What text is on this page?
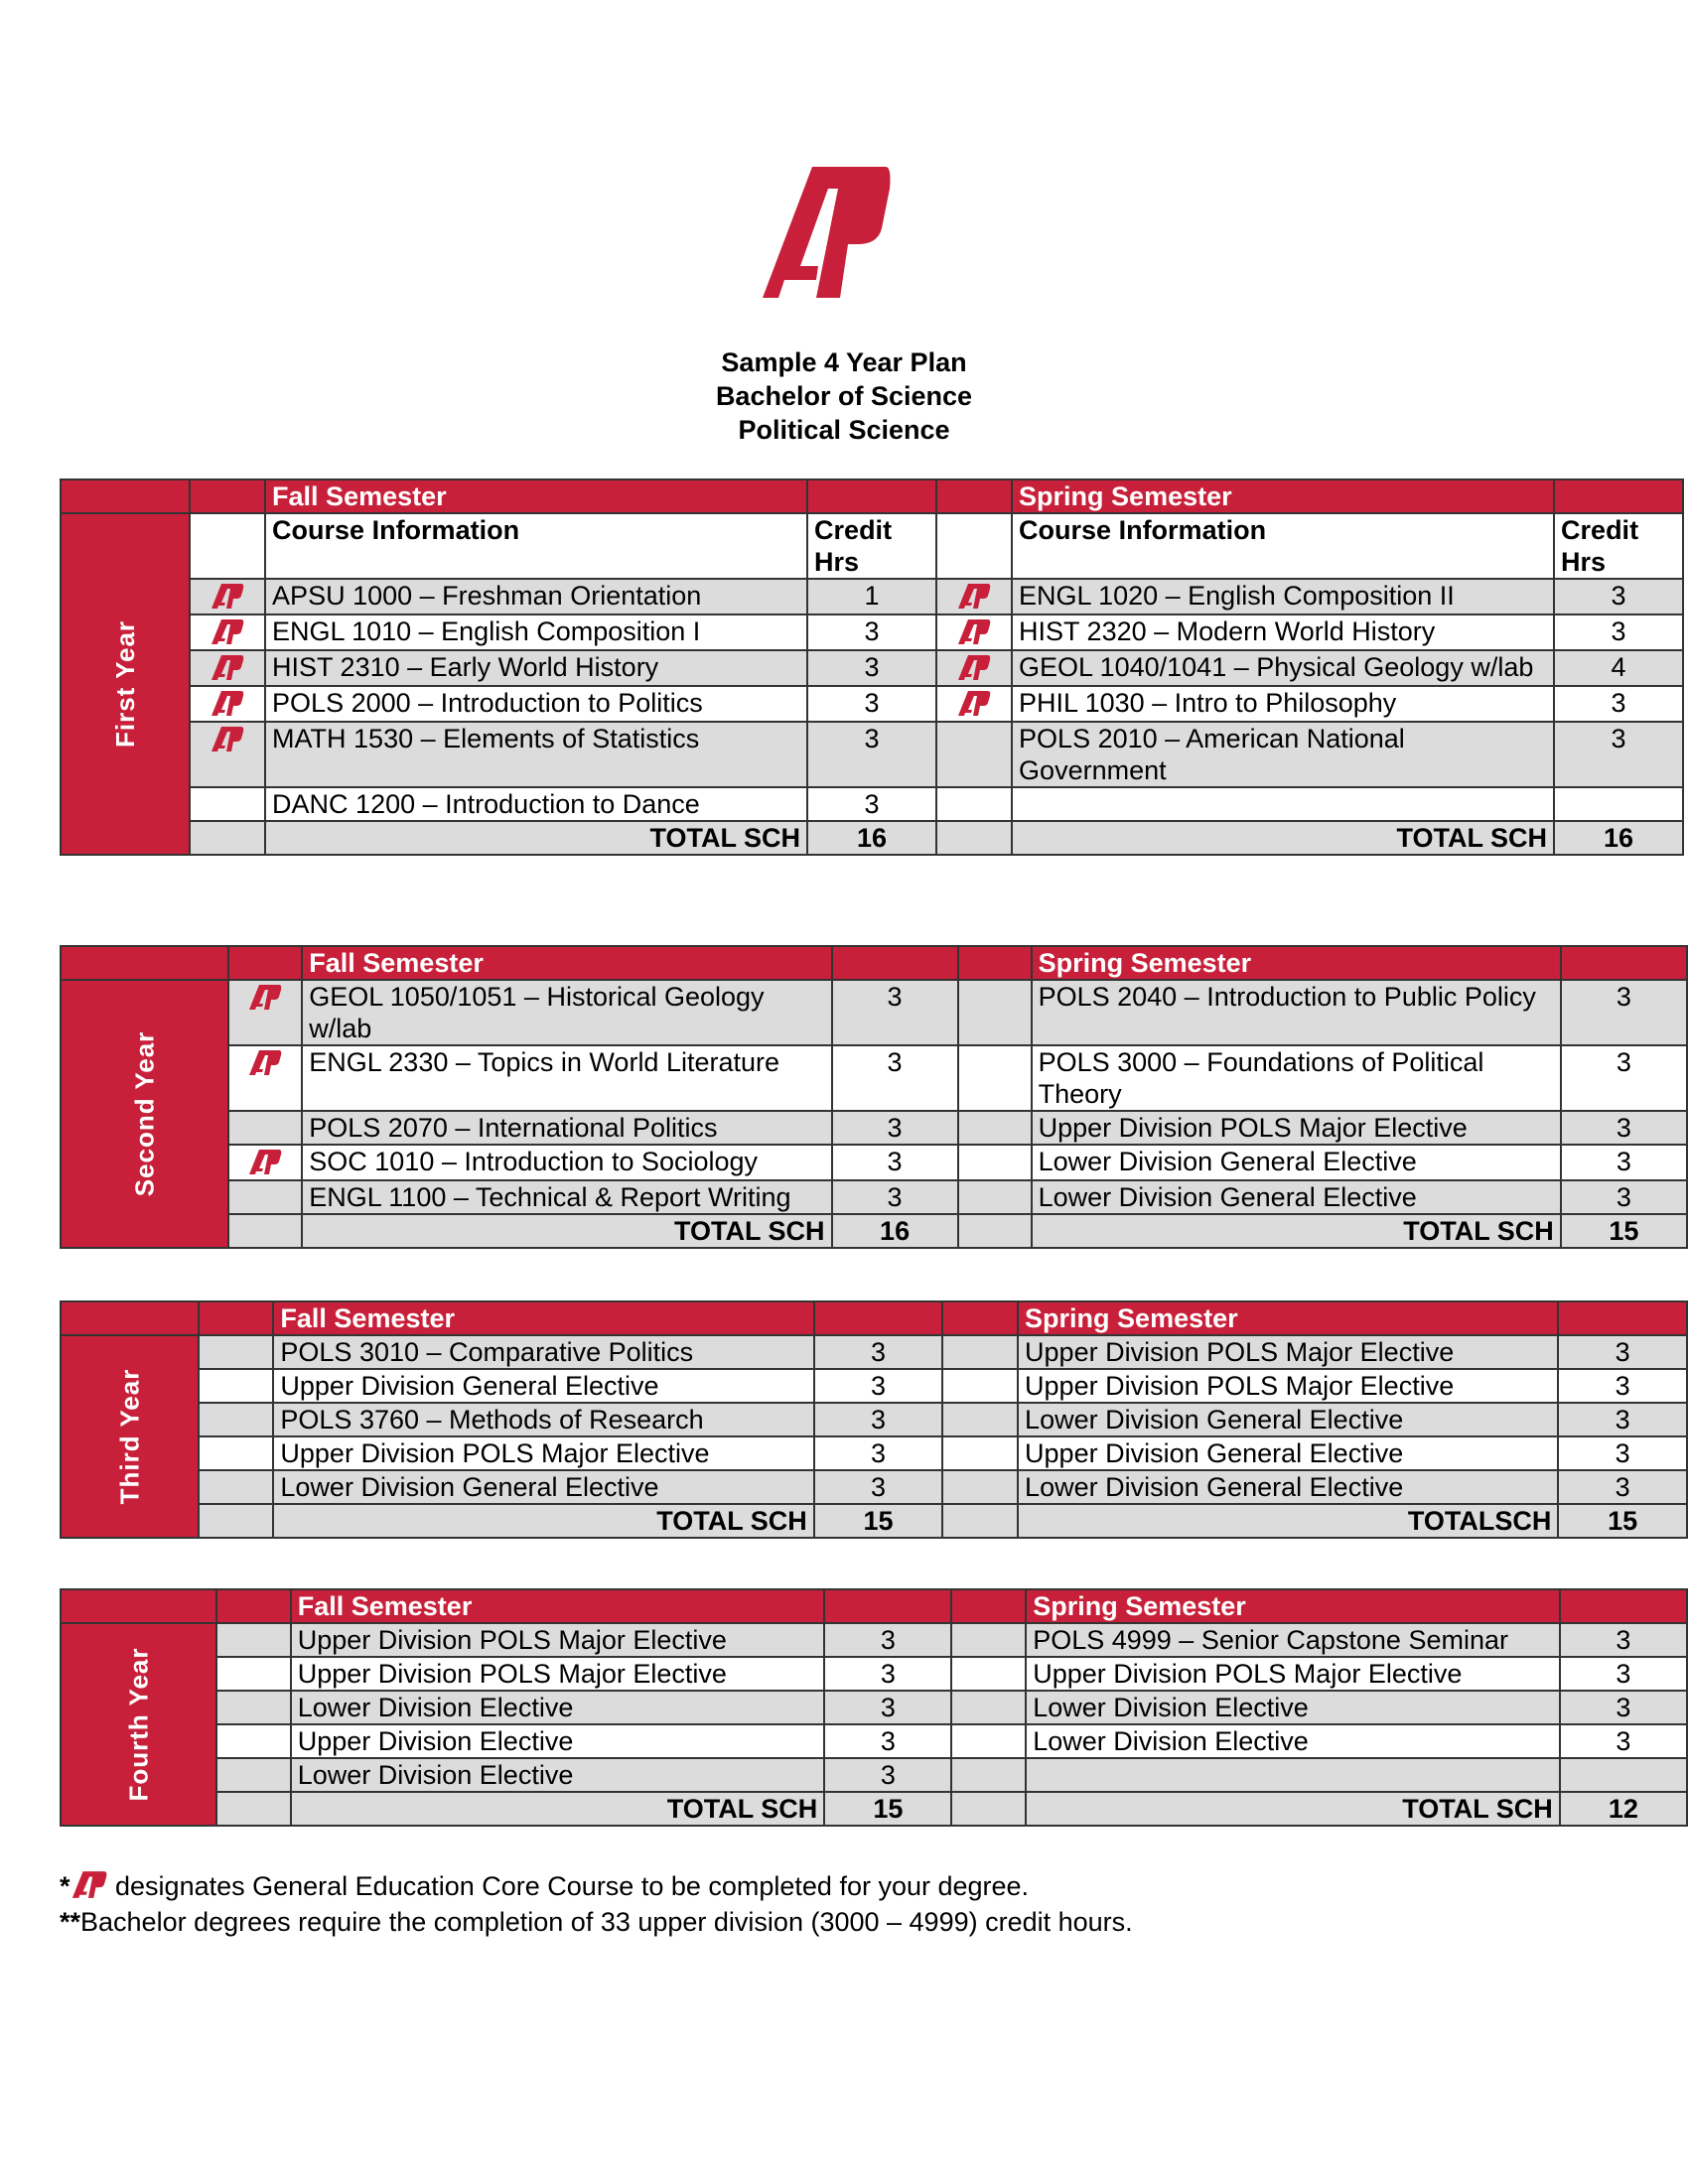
Sample 4 Year Plan
Bachelor of Science
Political Science
		Fall Semester			Spring Semester	
First Year		Course Information	Credit Hrs		Course Information	Credit Hrs

	APSU 1000 – Freshman Orientation	1		ENGL 1020 – English Composition II	3

	ENGL 1010 – English Composition I	3		HIST 2320 – Modern World History	3

	HIST 2310 – Early World History	3		GEOL 1040/1041 – Physical Geology w/lab	4

	POLS 2000 – Introduction to Politics	3		PHIL 1030 – Intro to Philosophy	3

	MATH 1530 – Elements of Statistics	3		POLS 2010 – American National Government	3
		DANC 1200 – Introduction to Dance	3			
		TOTAL SCH	16		TOTAL SCH	16
		Fall Semester			Spring Semester	
Second Year		GEOL 1050/1051 – Historical Geology w/lab	3		POLS 2040 – Introduction to Public Policy	3

	ENGL 2330 – Topics in World Literature	3		POLS 3000 – Foundations of Political Theory	3
		POLS 2070 – International Politics	3		Upper Division POLS Major Elective	3

	SOC 1010 – Introduction to Sociology	3		Lower Division General Elective	3
		ENGL 1100 – Technical & Report Writing	3		Lower Division General Elective	3
		TOTAL SCH	16		TOTAL SCH	15
		Fall Semester			Spring Semester	
Third Year		POLS 3010 – Comparative Politics	3		Upper Division POLS Major Elective	3
		Upper Division General Elective	3		Upper Division POLS Major Elective	3
		POLS 3760 – Methods of Research	3		Lower Division General Elective	3
		Upper Division POLS Major Elective	3		Upper Division General Elective	3
		Lower Division General Elective	3		Lower Division General Elective	3
		TOTAL SCH	15		TOTALSCH	15
		Fall Semester			Spring Semester	
Fourth Year		Upper Division POLS Major Elective	3		POLS 4999 – Senior Capstone Seminar	3
		Upper Division POLS Major Elective	3		Upper Division POLS Major Elective	3
		Lower Division Elective	3		Lower Division Elective	3
		Upper Division Elective	3		Lower Division Elective	3
		Lower Division Elective	3			
		TOTAL SCH	15		TOTAL SCH	12
*
designates General Education Core Course to be completed for your degree.
**Bachelor degrees require the completion of 33 upper division (3000 – 4999) credit hours.
